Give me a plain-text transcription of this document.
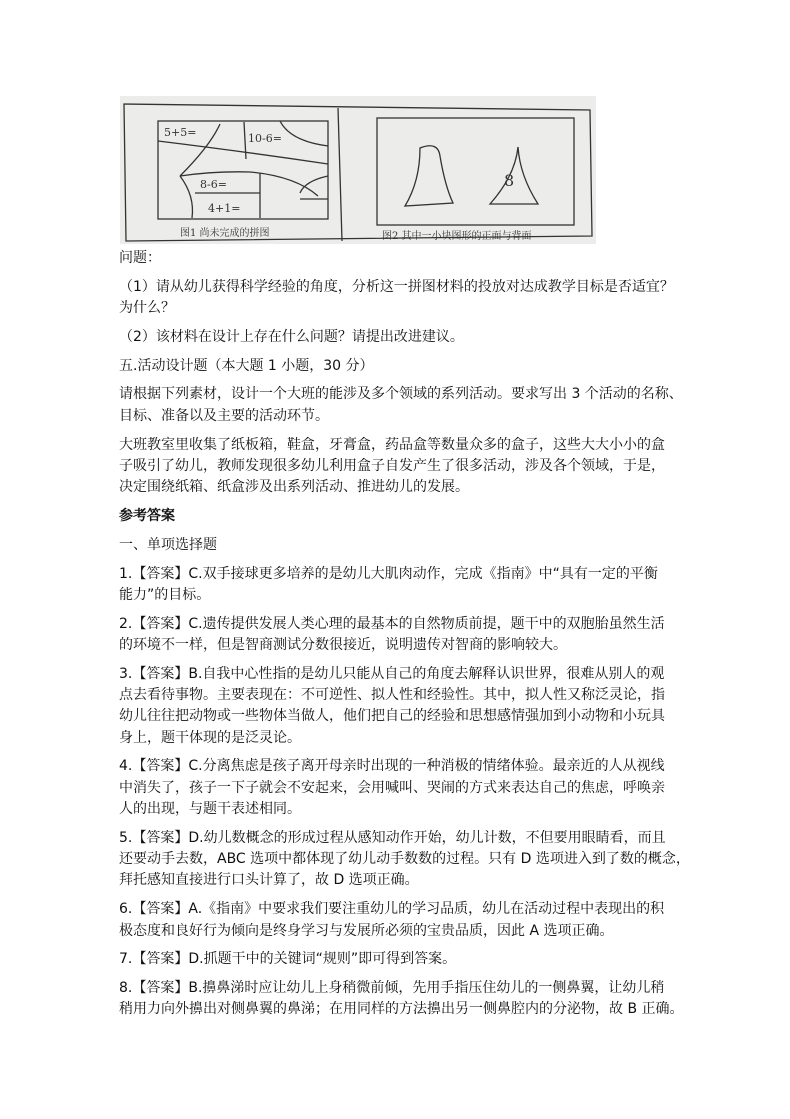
5+5=	10-6=
8-6=
4+1=
图1 尚未完成的拼图
8
图2 其中一小块图形的正面与背面
问题：
（1）请从幼儿获得科学经验的角度，分析这一拼图材料的投放对达成教学目标是否适宜？
为什么？
（2）该材料在设计上存在什么问题？请提出改进建议。
五.活动设计题（本大题 1 小题，30 分）
请根据下列素材，设计一个大班的能涉及多个领域的系列活动。要求写出 3 个活动的名称、
目标、准备以及主要的活动环节。
大班教室里收集了纸板箱，鞋盒，牙膏盒，药品盒等数量众多的盒子，这些大大小小的盒
子吸引了幼儿，教师发现很多幼儿利用盒子自发产生了很多活动，涉及各个领域，于是，
决定围绕纸箱、纸盒涉及出系列活动、推进幼儿的发展。
参考答案
一、单项选择题
1.【答案】C.双手接球更多培养的是幼儿大肌肉动作，完成《指南》中“具有一定的平衡
能力”的目标。
2.【答案】C.遗传提供发展人类心理的最基本的自然物质前提，题干中的双胞胎虽然生活
的环境不一样，但是智商测试分数很接近，说明遗传对智商的影响较大。
3.【答案】B.自我中心性指的是幼儿只能从自己的角度去解释认识世界，很难从别人的观
点去看待事物。主要表现在：不可逆性、拟人性和经验性。其中，拟人性又称泛灵论，指
幼儿往往把动物或一些物体当做人，他们把自己的经验和思想感情强加到小动物和小玩具
身上，题干体现的是泛灵论。
4.【答案】C.分离焦虑是孩子离开母亲时出现的一种消极的情绪体验。最亲近的人从视线
中消失了，孩子一下子就会不安起来，会用喊叫、哭闹的方式来表达自己的焦虑，呼唤亲
人的出现，与题干表述相同。
5.【答案】D.幼儿数概念的形成过程从感知动作开始，幼儿计数，不但要用眼睛看，而且
还要动手去数，ABC 选项中都体现了幼儿动手数数的过程。只有 D 选项进入到了数的概念，
拜托感知直接进行口头计算了，故 D 选项正确。
6.【答案】A.《指南》中要求我们要注重幼儿的学习品质，幼儿在活动过程中表现出的积
极态度和良好行为倾向是终身学习与发展所必须的宝贵品质，因此 A 选项正确。
7.【答案】D.抓题干中的关键词“规则”即可得到答案。
8.【答案】B.擤鼻涕时应让幼儿上身稍微前倾，先用手指压住幼儿的一侧鼻翼，让幼儿稍
稍用力向外擤出对侧鼻翼的鼻涕；在用同样的方法擤出另一侧鼻腔内的分泌物，故 B 正确。
